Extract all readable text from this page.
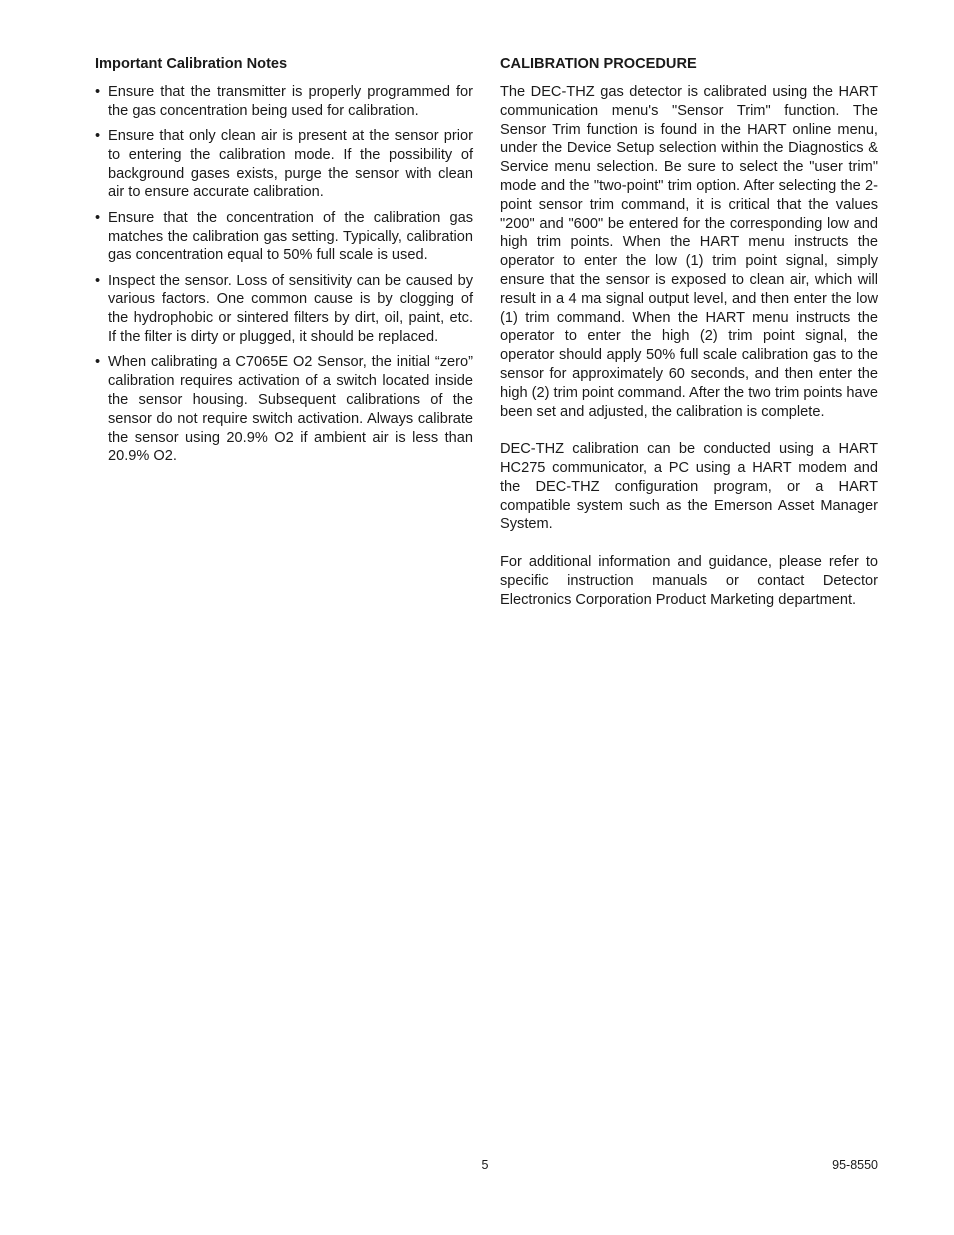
Important Calibration Notes
• Ensure that the transmitter is properly programmed for the gas concentration being used for calibration.
• Ensure that only clean air is present at the sensor prior to entering the calibration mode. If the possibility of background gases exists, purge the sensor with clean air to ensure accurate calibration.
• Ensure that the concentration of the calibration gas matches the calibration gas setting. Typically, calibration gas concentration equal to 50% full scale is used.
• Inspect the sensor. Loss of sensitivity can be caused by various factors. One common cause is by clogging of the hydrophobic or sintered filters by dirt, oil, paint, etc. If the filter is dirty or plugged, it should be replaced.
• When calibrating a C7065E O2 Sensor, the initial “zero” calibration requires activation of a switch located inside the sensor housing. Subsequent calibrations of the sensor do not require switch activation. Always calibrate the sensor using 20.9% O2 if ambient air is less than 20.9% O2.
CALIBRATION PROCEDURE

The DEC-THZ gas detector is calibrated using the HART communication menu's "Sensor Trim" function. The Sensor Trim function is found in the HART online menu, under the Device Setup selection within the Diagnostics & Service menu selection. Be sure to select the "user trim" mode and the "two-point" trim option. After selecting the 2-point sensor trim command, it is critical that the values "200" and "600" be entered for the corresponding low and high trim points. When the HART menu instructs the operator to enter the low (1) trim point signal, simply ensure that the sensor is exposed to clean air, which will result in a 4 ma signal output level, and then enter the low (1) trim command. When the HART menu instructs the operator to enter the high (2) trim point signal, the operator should apply 50% full scale calibration gas to the sensor for approximately 60 seconds, and then enter the high (2) trim point command. After the two trim points have been set and adjusted, the calibration is complete.

DEC-THZ calibration can be conducted using a HART HC275 communicator, a PC using a HART modem and the DEC-THZ configuration program, or a HART compatible system such as the Emerson Asset Manager System.

For additional information and guidance, please refer to specific instruction manuals or contact Detector Electronics Corporation Product Marketing department.

5	95-8550
